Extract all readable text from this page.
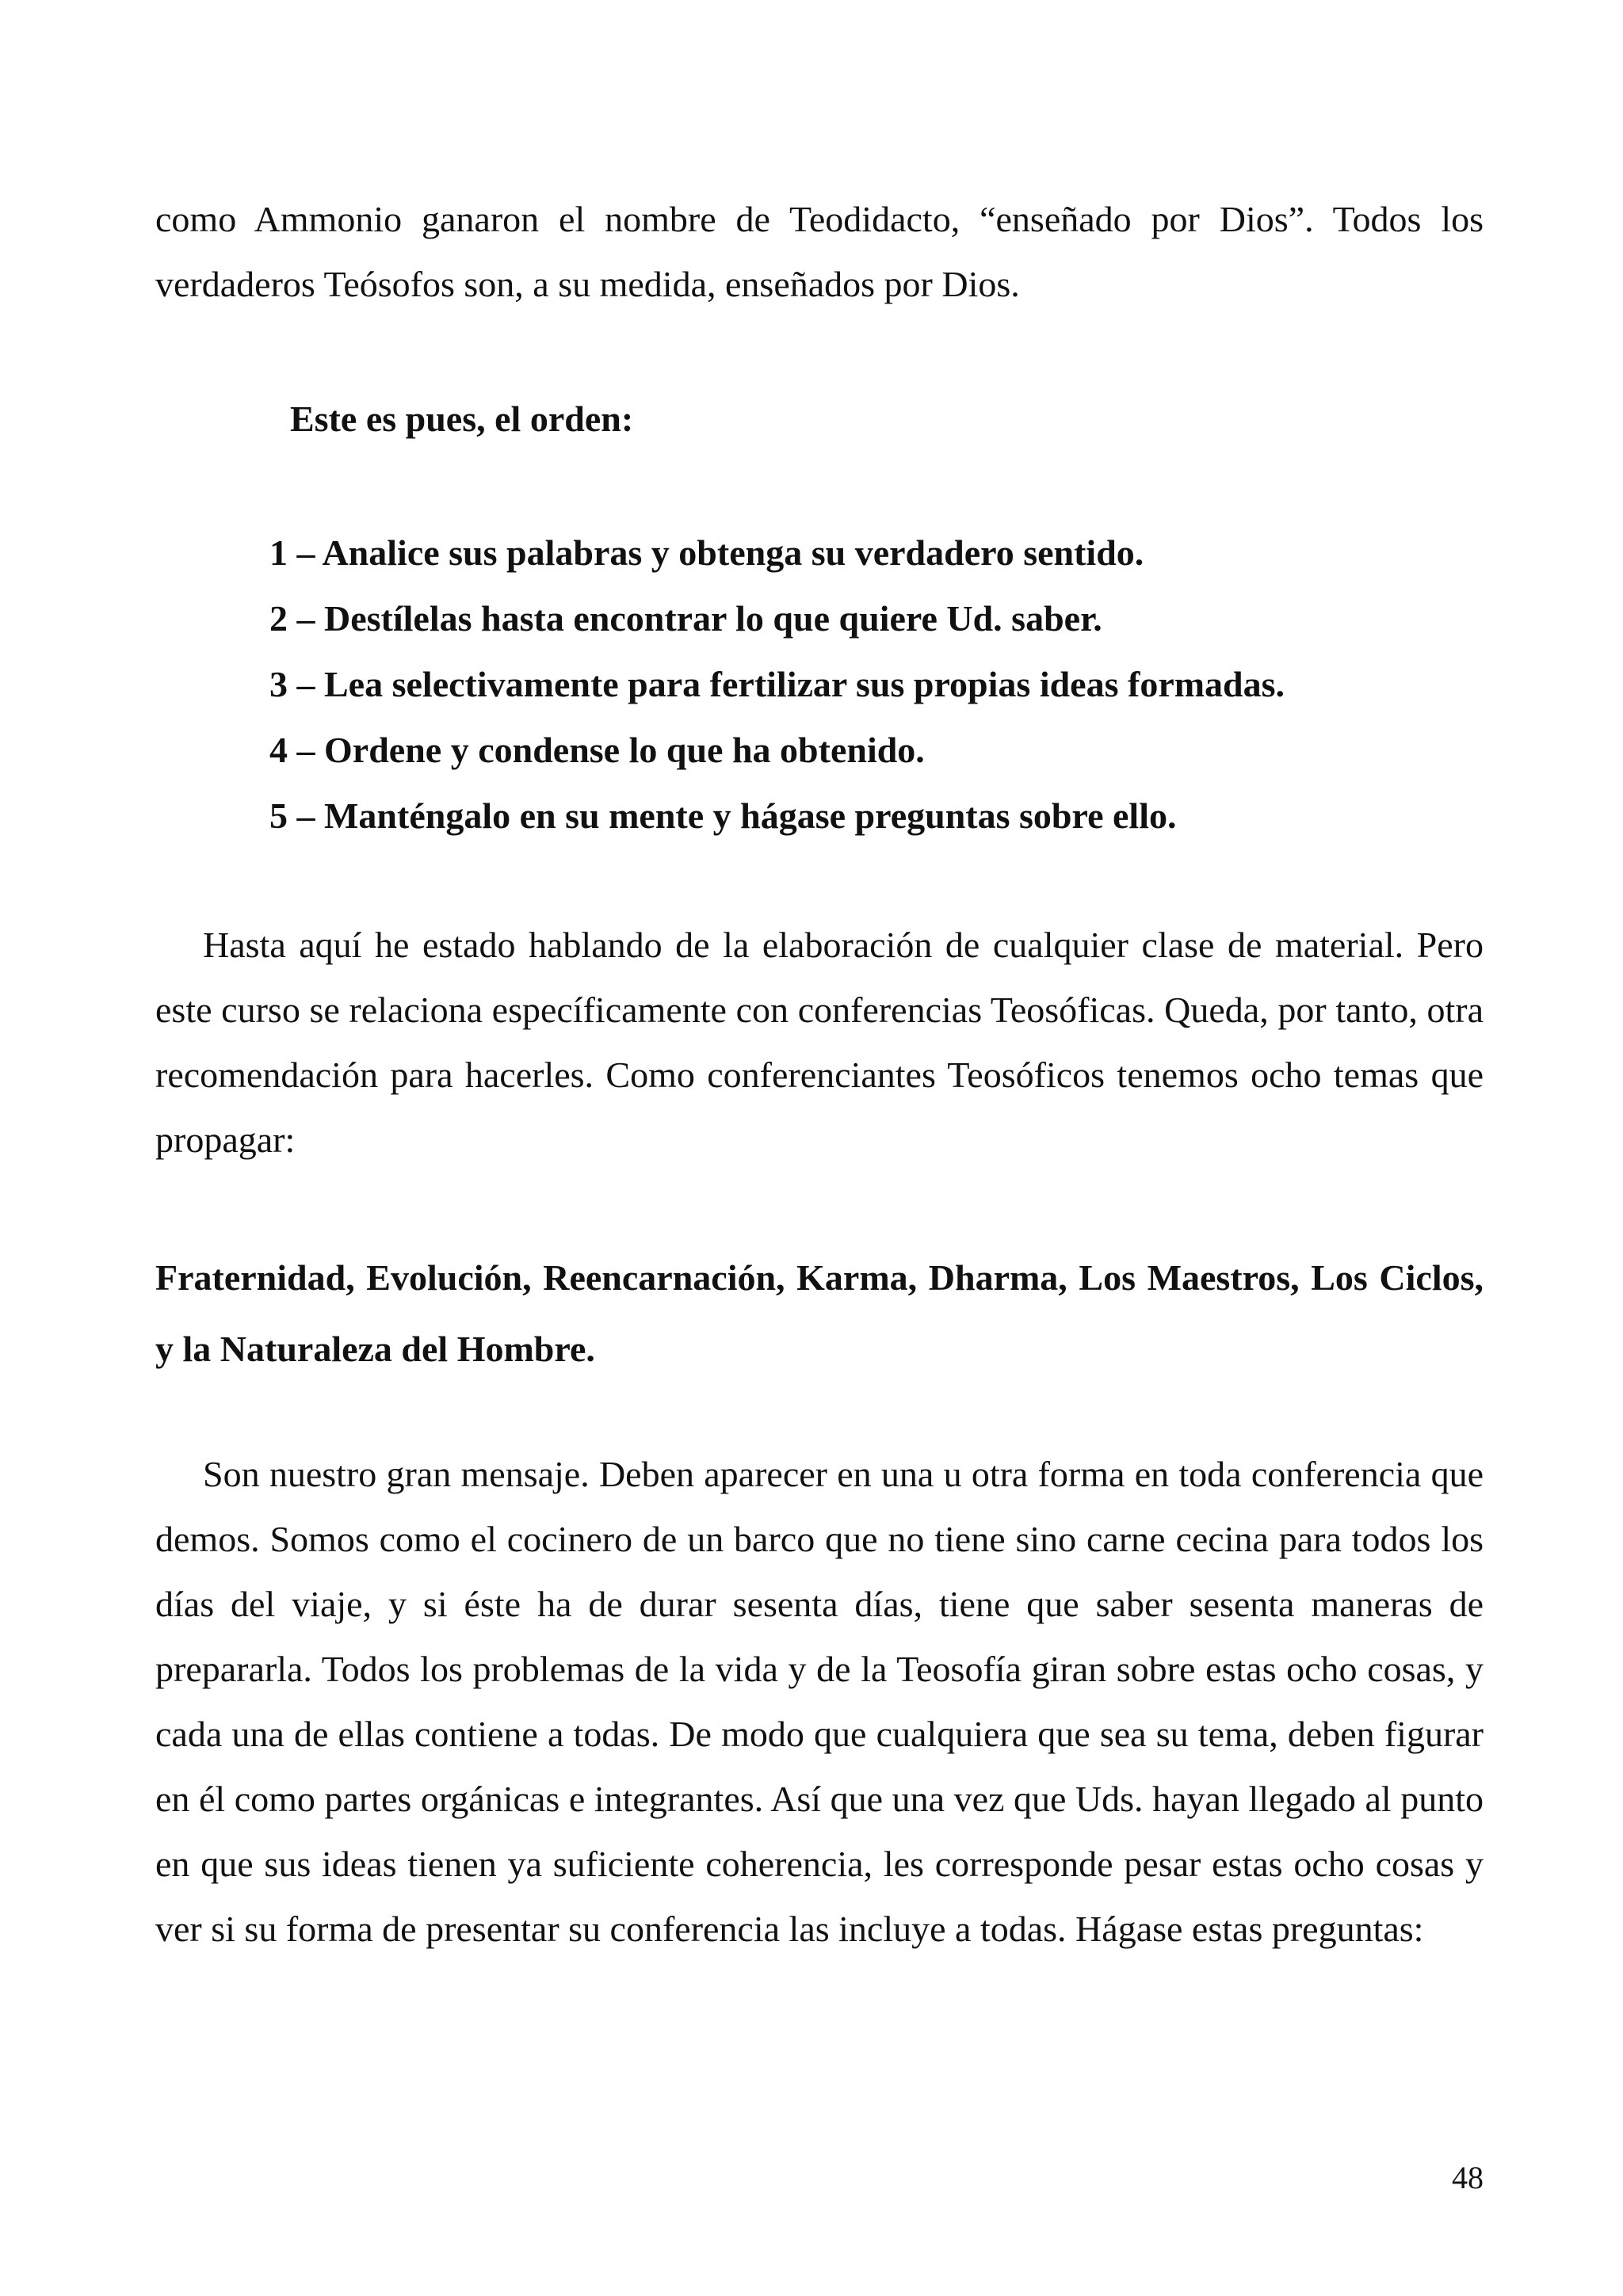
como Ammonio ganaron el nombre de Teodidacto, “enseñado por Dios”. Todos los verdaderos Teósofos son, a su medida, enseñados por Dios.

Este es pues, el orden:

1 – Analice sus palabras y obtenga su verdadero sentido.
2 – Destílelas hasta encontrar lo que quiere Ud. saber.
3 – Lea selectivamente para fertilizar sus propias ideas formadas.
4 – Ordene y condense lo que ha obtenido.
5 – Manténgalo en su mente y hágase preguntas sobre ello.

Hasta aquí he estado hablando de la elaboración de cualquier clase de material. Pero este curso se relaciona específicamente con conferencias Teosóficas. Queda, por tanto, otra recomendación para hacerles. Como conferenciantes Teosóficos tenemos ocho temas que propagar:

Fraternidad, Evolución, Reencarnación, Karma, Dharma, Los Maestros, Los Ciclos, y la Naturaleza del Hombre.

Son nuestro gran mensaje. Deben aparecer en una u otra forma en toda conferencia que demos. Somos como el cocinero de un barco que no tiene sino carne cecina para todos los días del viaje, y si éste ha de durar sesenta días, tiene que saber sesenta maneras de prepararla. Todos los problemas de la vida y de la Teosofía giran sobre estas ocho cosas, y cada una de ellas contiene a todas. De modo que cualquiera que sea su tema, deben figurar en él como partes orgánicas e integrantes. Así que una vez que Uds. hayan llegado al punto en que sus ideas tienen ya suficiente coherencia, les corresponde pesar estas ocho cosas y ver si su forma de presentar su conferencia las incluye a todas. Hágase estas preguntas:

48
